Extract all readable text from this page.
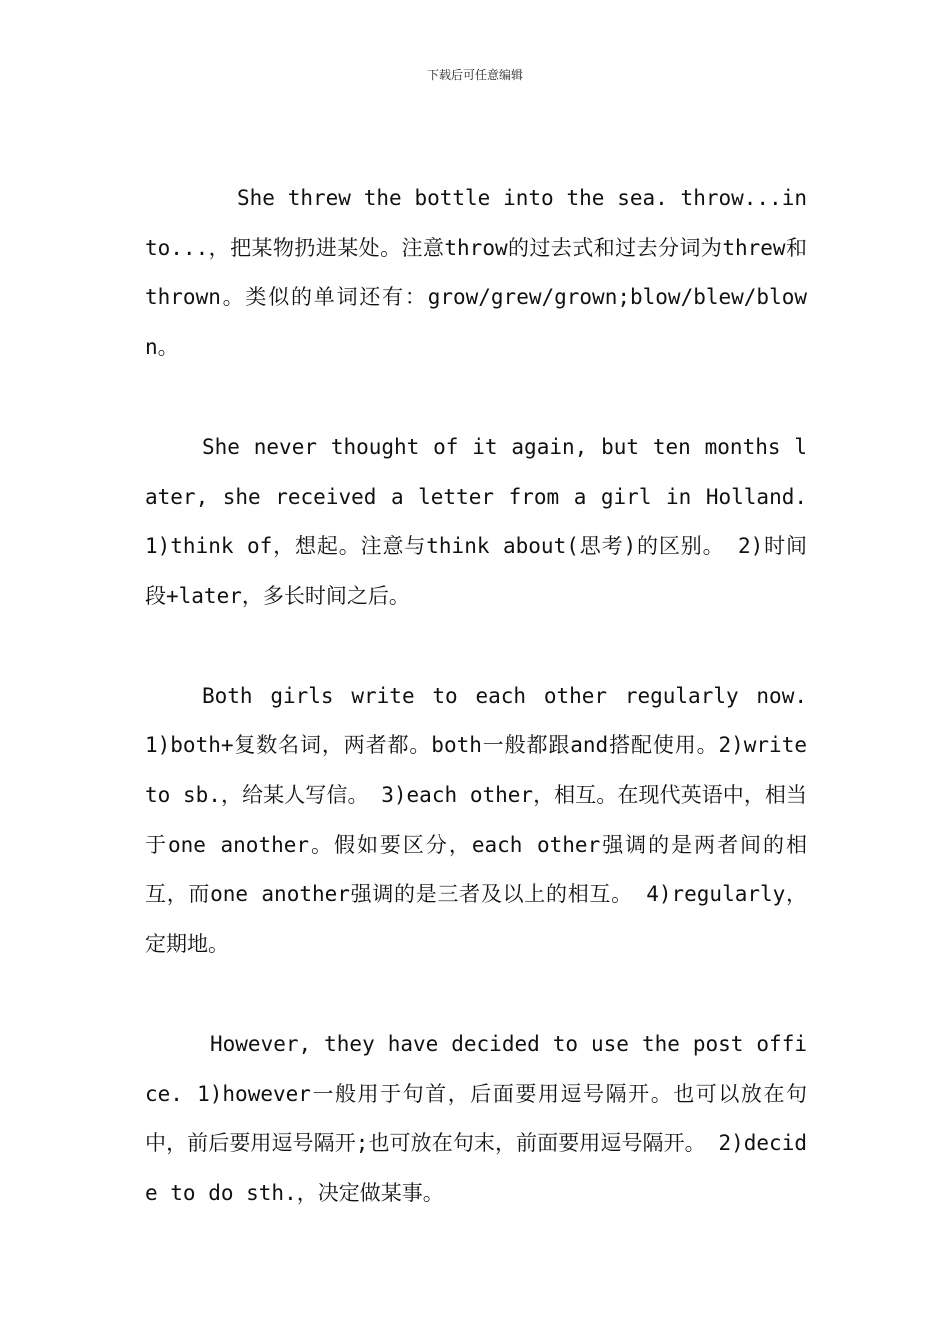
下载后可任意编辑

She threw the bottle into the sea. throw...into...，把某物扔进某处。注意throw的过去式和过去分词为threw和thrown。类似的单词还有：grow/grew/grown;blow/blew/blown。

She never thought of it again, but ten months later, she received a letter from a girl in Holland. 1)think of，想起。注意与think about(思考)的区别。 2)时间段+later，多长时间之后。

Both girls write to each other regularly now. 1)both+复数名词，两者都。both一般都跟and搭配使用。2)write to sb.，给某人写信。 3)each other，相互。在现代英语中，相当于one another。假如要区分，each other强调的是两者间的相互，而one another强调的是三者及以上的相互。 4)regularly，定期地。

However, they have decided to use the post office. 1)however一般用于句首，后面要用逗号隔开。也可以放在句中，前后要用逗号隔开;也可放在句末，前面要用逗号隔开。 2)decide to do sth.，决定做某事。
